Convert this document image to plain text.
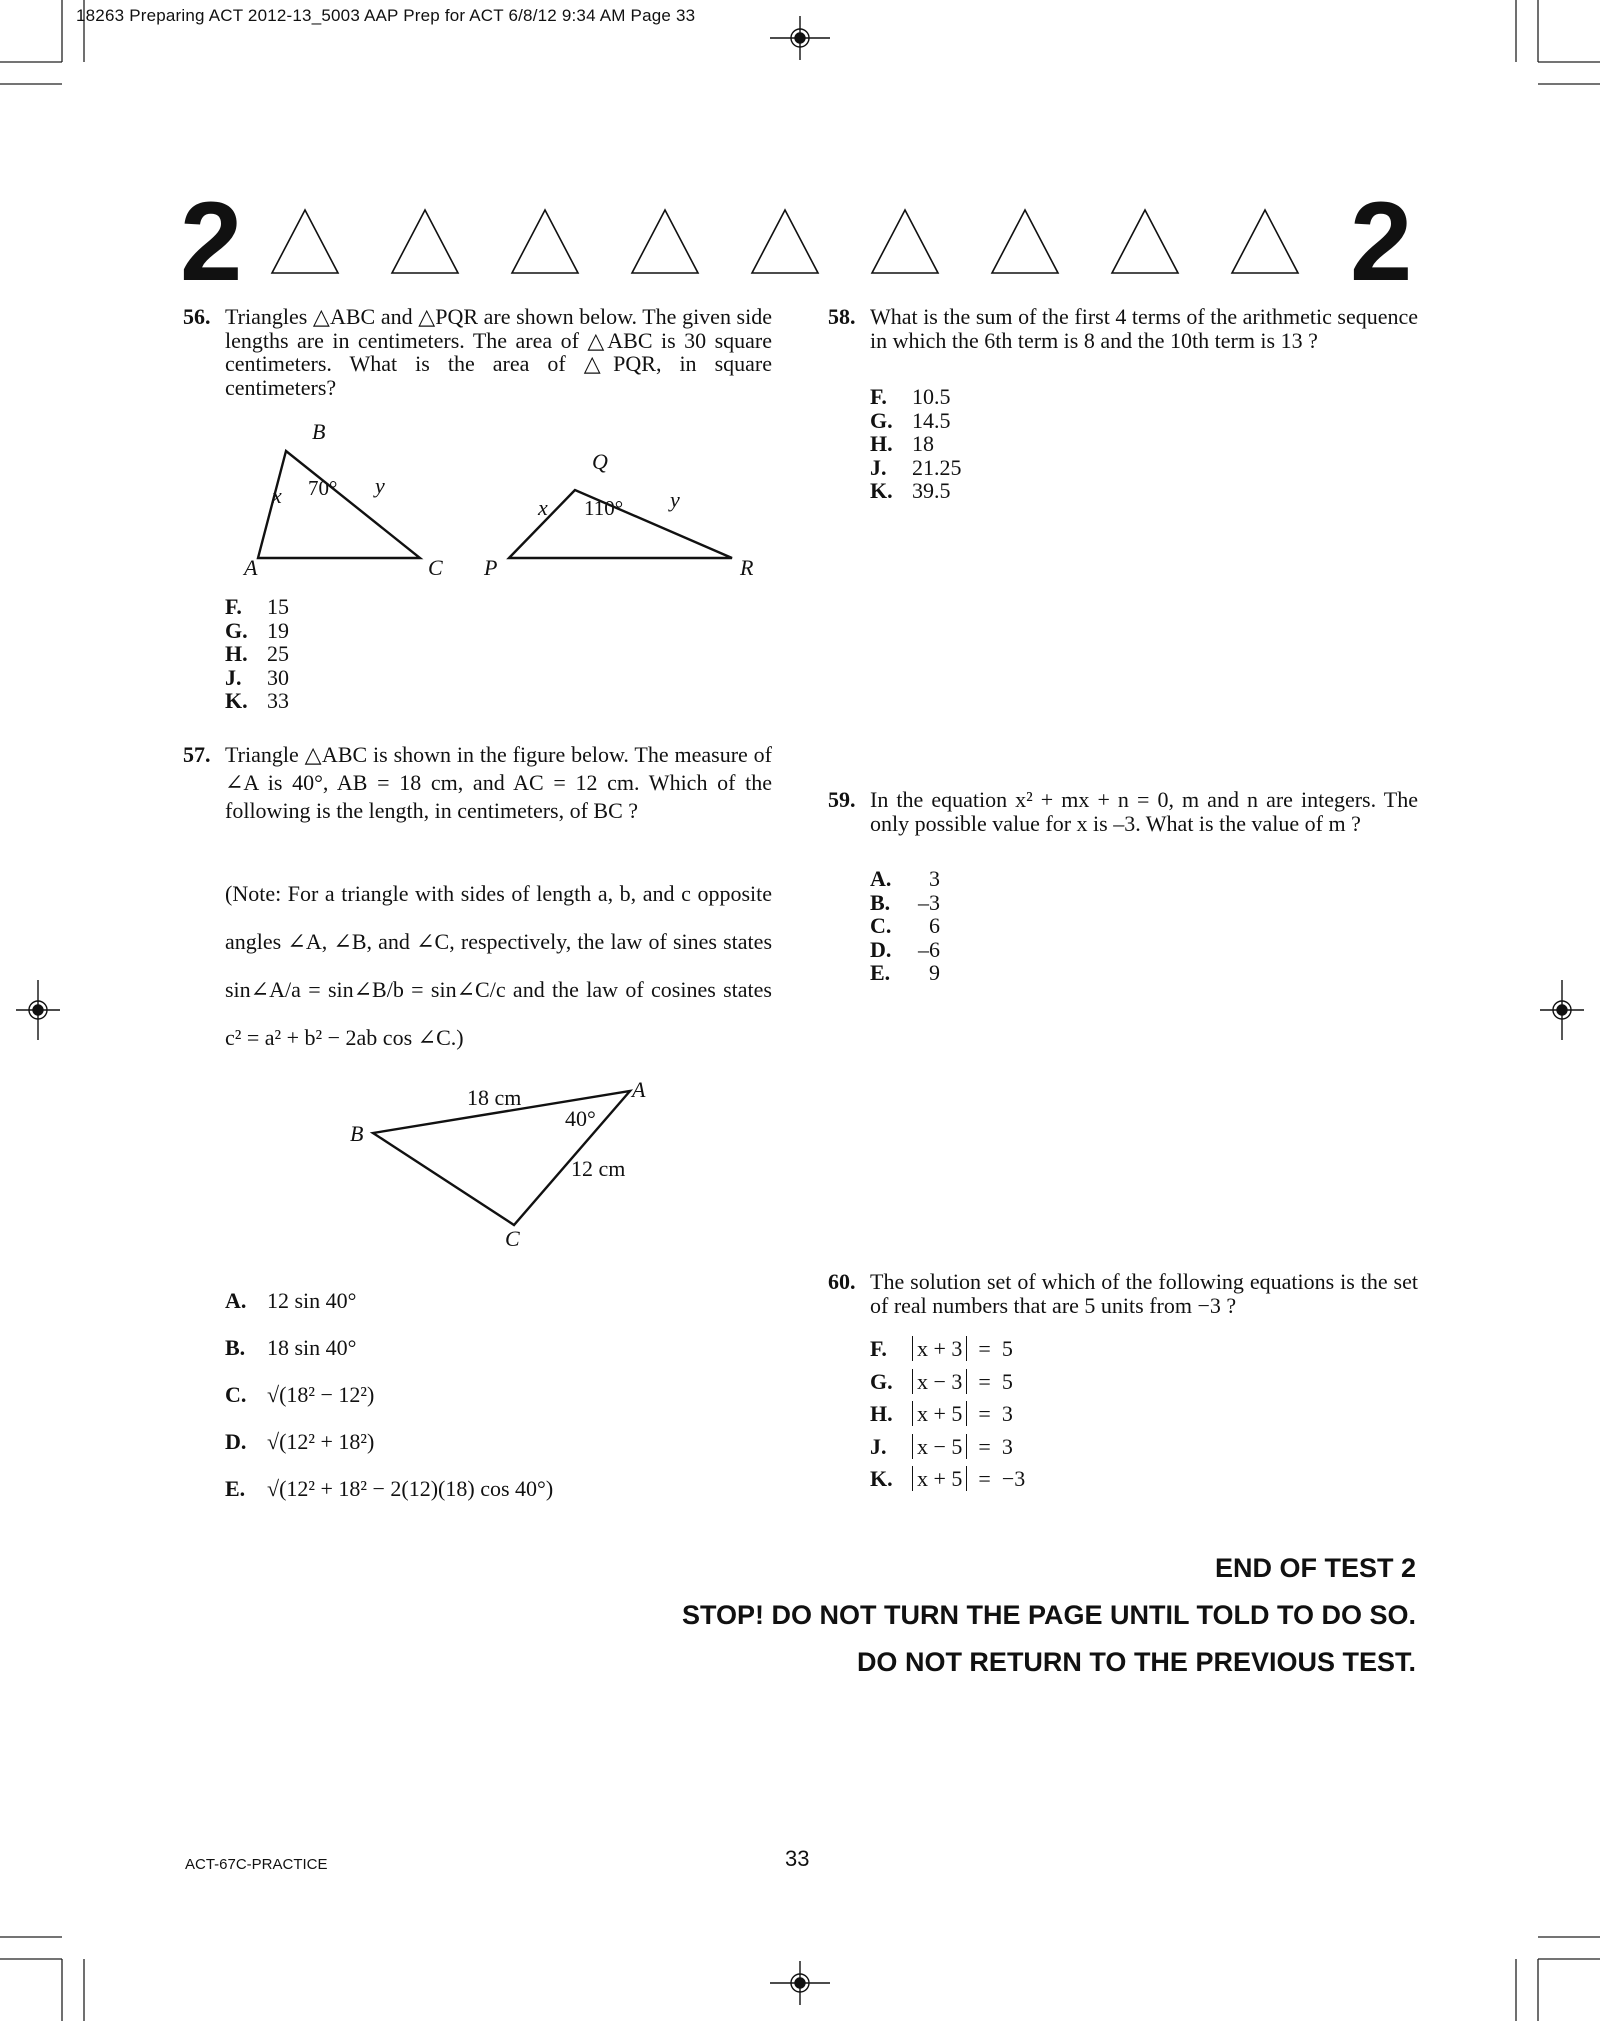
18263 Preparing ACT 2012-13_5003 AAP Prep for ACT 6/8/12 9:34 AM Page 33
2	2
56. Triangles △ABC and △PQR are shown below. The given side lengths are in centimeters. The area of △ABC is 30 square centimeters. What is the area of △PQR, in square centimeters?
B
A	C
x	y
Q
P	R
x	y
70°
110°
F. 15
G. 19
H. 25
J. 30
K. 33
57. Triangle △ABC is shown in the figure below. The measure of ∠A is 40°, AB = 18 cm, and AC = 12 cm. Which of the following is the length, in centimeters, of BC ?
(Note: For a triangle with sides of length a, b, and c opposite angles ∠A, ∠B, and ∠C, respectively, the law of sines states sin∠A/a = sin∠B/b = sin∠C/c and the law of cosines states c² = a² + b² − 2ab cos ∠C.)
A
B
C
18 cm
12 cm
40°
A. 12 sin 40°
B. 18 sin 40°
C. √(18² − 12²)
D. √(12² + 18²)
E. √(12² + 18² − 2(12)(18) cos 40°)
58. What is the sum of the first 4 terms of the arithmetic sequence in which the 6th term is 8 and the 10th term is 13 ?
F. 10.5
G. 14.5
H. 18
J. 21.25
K. 39.5
59. In the equation x² + mx + n = 0, m and n are integers. The only possible value for x is –3. What is the value of m ?
A. 3
B. –3
C. 6
D. –6
E. 9
60. The solution set of which of the following equations is the set of real numbers that are 5 units from −3 ?
F. x + 3  =  5
G. x − 3  =  5
H. x + 5  =  3
J. x − 5  =  3
K. x + 5  =  −3
END OF TEST 2
STOP! DO NOT TURN THE PAGE UNTIL TOLD TO DO SO.
DO NOT RETURN TO THE PREVIOUS TEST.
ACT-67C-PRACTICE	33
